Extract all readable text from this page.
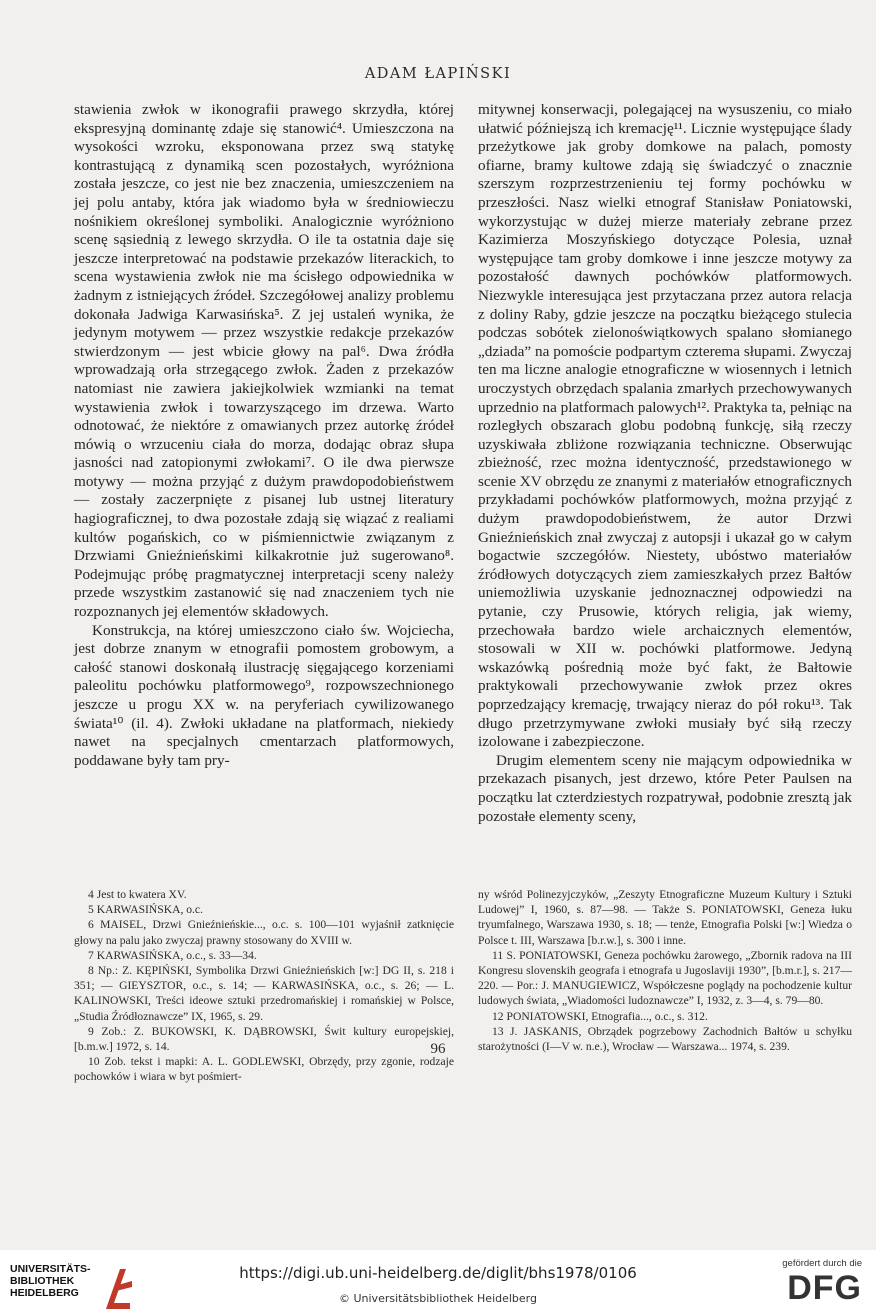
ADAM ŁAPIŃSKI

stawienia zwłok w ikonografii prawego skrzydła, której ekspresyjną dominantę zdaje się stanowić⁴. Umieszczona na wysokości wzroku, eksponowana przez swą statykę kontrastującą z dynamiką scen pozostałych, wyróżniona została jeszcze, co jest nie bez znaczenia, umieszczeniem na jej polu antaby, która jak wiadomo była w średniowieczu nośnikiem określonej symboliki. Analogicznie wyróżniono scenę sąsiednią z lewego skrzydła. O ile ta ostatnia daje się jeszcze interpretować na podstawie przekazów literackich, to scena wystawienia zwłok nie ma ścisłego odpowiednika w żadnym z istniejących źródeł. Szczegółowej analizy problemu dokonała Jadwiga Karwasińska⁵. Z jej ustaleń wynika, że jedynym motywem — przez wszystkie redakcje przekazów stwierdzonym — jest wbicie głowy na pal⁶. Dwa źródła wprowadzają orła strzegącego zwłok. Żaden z przekazów natomiast nie zawiera jakiejkolwiek wzmianki na temat wystawienia zwłok i towarzyszącego im drzewa. Warto odnotować, że niektóre z omawianych przez autorkę źródeł mówią o wrzuceniu ciała do morza, dodając obraz słupa jasności nad zatopionymi zwłokami⁷. O ile dwa pierwsze motywy — można przyjąć z dużym prawdopodobieństwem — zostały zaczerpnięte z pisanej lub ustnej literatury hagiograficznej, to dwa pozostałe zdają się wiązać z realiami kultów pogańskich, co w piśmiennictwie związanym z Drzwiami Gnieźnieńskimi kilkakrotnie już sugerowano⁸. Podejmując próbę pragmatycznej interpretacji sceny należy przede wszystkim zastanowić się nad znaczeniem tych nie rozpoznanych jej elementów składowych.

Konstrukcja, na której umieszczono ciało św. Wojciecha, jest dobrze znanym w etnografii pomostem grobowym, a całość stanowi doskonałą ilustrację sięgającego korzeniami paleolitu pochówku platformowego⁹, rozpowszechnionego jeszcze u progu XX w. na peryferiach cywilizowanego świata¹⁰ (il. 4). Zwłoki układane na platformach, niekiedy nawet na specjalnych cmentarzach platformowych, poddawane były tam pry-

mitywnej konserwacji, polegającej na wysuszeniu, co miało ułatwić późniejszą ich kremację¹¹. Licznie występujące ślady przeżytkowe jak groby domkowe na palach, pomosty ofiarne, bramy kultowe zdają się świadczyć o znacznie szerszym rozprzestrzenieniu tej formy pochówku w przeszłości. Nasz wielki etnograf Stanisław Poniatowski, wykorzystując w dużej mierze materiały zebrane przez Kazimierza Moszyńskiego dotyczące Polesia, uznał występujące tam groby domkowe i inne jeszcze motywy za pozostałość dawnych pochówków platformowych. Niezwykle interesująca jest przytaczana przez autora relacja z doliny Raby, gdzie jeszcze na początku bieżącego stulecia podczas sobótek zielonoświątkowych spalano słomianego „dziada” na pomoście podpartym czterema słupami. Zwyczaj ten ma liczne analogie etnograficzne w wiosennych i letnich uroczystych obrzędach spalania zmarłych przechowywanych uprzednio na platformach palowych¹². Praktyka ta, pełniąc na rozległych obszarach globu podobną funkcję, siłą rzeczy uzyskiwała zbliżone rozwiązania techniczne. Obserwując zbieżność, rzec można identyczność, przedstawionego w scenie XV obrzędu ze znanymi z materiałów etnograficznych przykładami pochówków platformowych, można przyjąć z dużym prawdopodobieństwem, że autor Drzwi Gnieźnieńskich znał zwyczaj z autopsji i ukazał go w całym bogactwie szczegółów. Niestety, ubóstwo materiałów źródłowych dotyczących ziem zamieszkałych przez Bałtów uniemożliwia uzyskanie jednoznacznej odpowiedzi na pytanie, czy Prusowie, których religia, jak wiemy, przechowała bardzo wiele archaicznych elementów, stosowali w XII w. pochówki platformowe. Jedyną wskazówką pośrednią może być fakt, że Bałtowie praktykowali przechowywanie zwłok przez okres poprzedzający kremację, trwający nieraz do pół roku¹³. Tak długo przetrzymywane zwłoki musiały być siłą rzeczy izolowane i zabezpieczone.

Drugim elementem sceny nie mającym odpowiednika w przekazach pisanych, jest drzewo, które Peter Paulsen na początku lat czterdziestych rozpatrywał, podobnie zresztą jak pozostałe elementy sceny,

4 Jest to kwatera XV.

5 KARWASIŃSKA, o.c.

6 MAISEL, Drzwi Gnieźnieńskie..., o.c. s. 100—101 wyjaśnił zatknięcie głowy na palu jako zwyczaj prawny stosowany do XVIII w.

7 KARWASIŃSKA, o.c., s. 33—34.

8 Np.: Z. KĘPIŃSKI, Symbolika Drzwi Gnieźnieńskich [w:] DG II, s. 218 i 351; — GIEYSZTOR, o.c., s. 14; — KARWASIŃSKA, o.c., s. 26; — L. KALINOWSKI, Treści ideowe sztuki przedromańskiej i romańskiej w Polsce, „Studia Źródłoznawcze” IX, 1965, s. 29.

9 Zob.: Z. BUKOWSKI, K. DĄBROWSKI, Świt kultury europejskiej, [b.m.w.] 1972, s. 14.

10 Zob. tekst i mapki: A. L. GODLEWSKI, Obrzędy, przy zgonie, rodzaje pochowków i wiara w byt pośmiert-

ny wśród Polinezyjczyków, „Zeszyty Etnograficzne Muzeum Kultury i Sztuki Ludowej” I, 1960, s. 87—98. — Także S. PONIATOWSKI, Geneza łuku tryumfalnego, Warszawa 1930, s. 18; — tenże, Etnografia Polski [w:] Wiedza o Polsce t. III, Warszawa [b.r.w.], s. 300 i inne.

11 S. PONIATOWSKI, Geneza pochówku żarowego, „Zbornik radova na III Kongresu slovenskih geografa i etnografa u Jugoslaviji 1930”, [b.m.r.], s. 217—220. — Por.: J. MANUGIEWICZ, Współczesne poglądy na pochodzenie kultur ludowych świata, „Wiadomości ludoznawcze” I, 1932, z. 3—4, s. 79—80.

12 PONIATOWSKI, Etnografia..., o.c., s. 312.

13 J. JASKANIS, Obrządek pogrzebowy Zachodnich Bałtów u schyłku starożytności (I—V w. n.e.), Wrocław — Warszawa... 1974, s. 239.

96
UNIVERSITÄTS-
BIBLIOTHEK
HEIDELBERG
https://digi.ub.uni-heidelberg.de/diglit/bhs1978/0106
© Universitätsbibliothek Heidelberg
gefördert durch die
DFG
